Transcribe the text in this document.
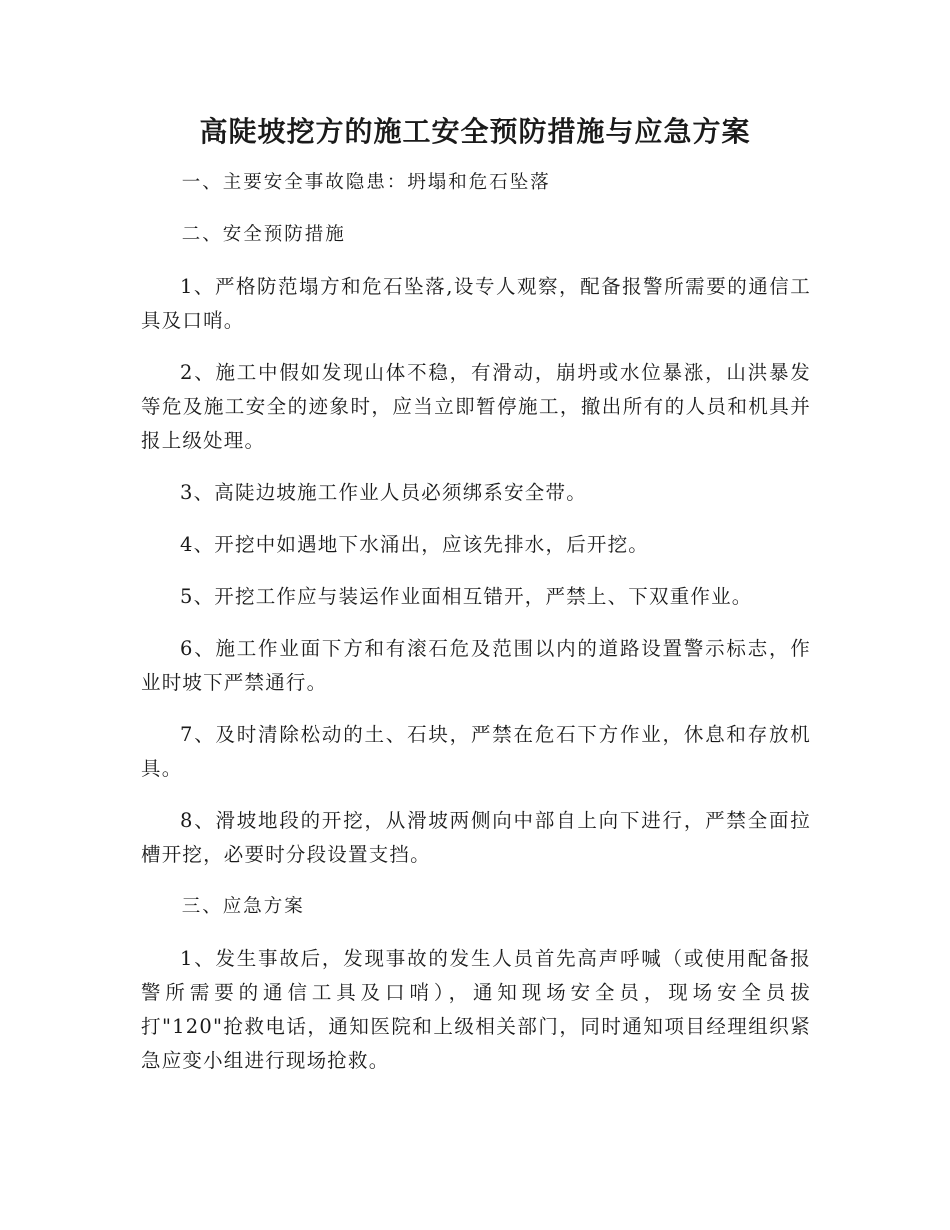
高陡坡挖方的施工安全预防措施与应急方案

一、主要安全事故隐患：坍塌和危石坠落

二、安全预防措施

1、严格防范塌方和危石坠落,设专人观察，配备报警所需要的通信工具及口哨。

2、施工中假如发现山体不稳，有滑动，崩坍或水位暴涨，山洪暴发等危及施工安全的迹象时，应当立即暂停施工，撤出所有的人员和机具并报上级处理。

3、高陡边坡施工作业人员必须绑系安全带。

4、开挖中如遇地下水涌出，应该先排水，后开挖。

5、开挖工作应与装运作业面相互错开，严禁上、下双重作业。

6、施工作业面下方和有滚石危及范围以内的道路设置警示标志，作业时坡下严禁通行。

7、及时清除松动的土、石块，严禁在危石下方作业，休息和存放机具。

8、滑坡地段的开挖，从滑坡两侧向中部自上向下进行，严禁全面拉槽开挖，必要时分段设置支挡。

三、应急方案

1、发生事故后，发现事故的发生人员首先高声呼喊（或使用配备报警所需要的通信工具及口哨），通知现场安全员，现场安全员拔打"120"抢救电话，通知医院和上级相关部门，同时通知项目经理组织紧急应变小组进行现场抢救。
